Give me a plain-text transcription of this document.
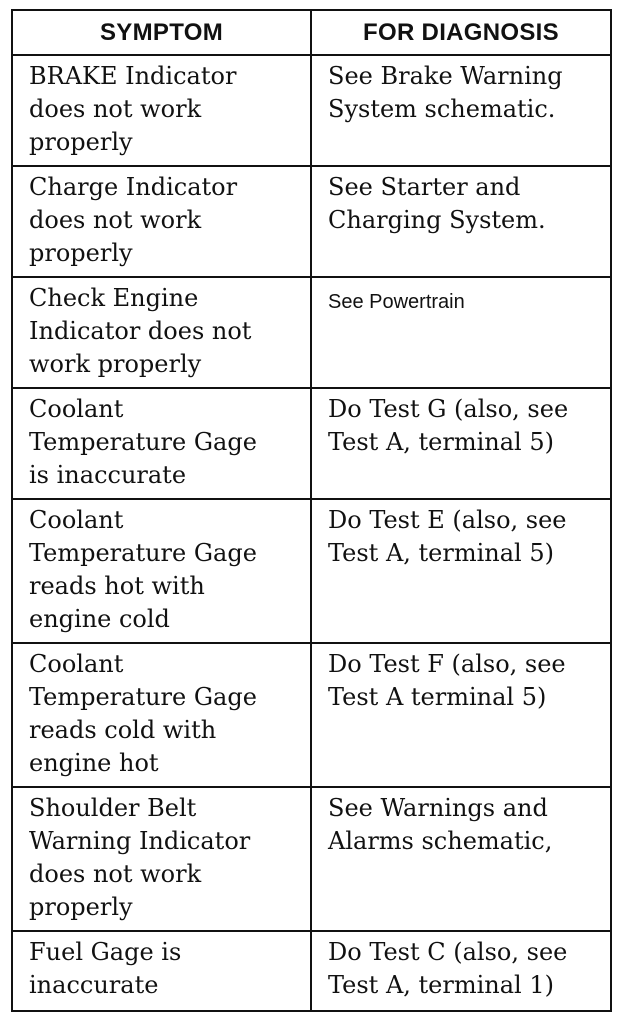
SYMPTOM	FOR DIAGNOSIS
BRAKE Indicator
does not work
properly
See Brake Warning
System schematic.
Charge Indicator
does not work
properly
See Starter and
Charging System.
Check Engine
Indicator does not
work properly
See Powertrain
Coolant
Temperature Gage
is inaccurate
Do Test G (also, see
Test A, terminal 5)
Coolant
Temperature Gage
reads hot with
engine cold
Do Test E (also, see
Test A, terminal 5)
Coolant
Temperature Gage
reads cold with
engine hot
Do Test F (also, see
Test A terminal 5)
Shoulder Belt
Warning Indicator
does not work
properly
See Warnings and
Alarms schematic,
Fuel Gage is
inaccurate
Do Test C (also, see
Test A, terminal 1)
